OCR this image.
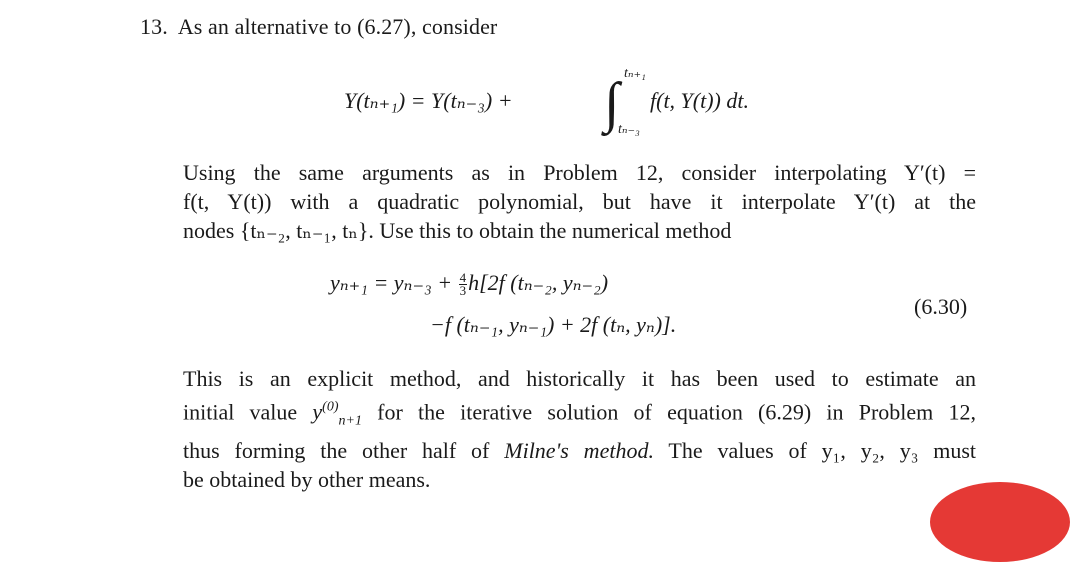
13. As an alternative to (6.27), consider
Y(tₙ₊₁) = Y(tₙ₋₃) + ∫ tₙ₊₁
tₙ₋₃
f(t, Y(t)) dt.
Using the same arguments as in Problem 12, consider interpolating Y′(t) =
f(t, Y(t)) with a quadratic polynomial, but have it interpolate Y′(t) at the
nodes {tₙ₋₂, tₙ₋₁, tₙ}. Use this to obtain the numerical method
$y_{n+1} = y_{n-3} + \frac{4}{3} h[2f$ (tₙ₋₂, yₙ₋₂)
−f (tₙ₋₁, yₙ₋₁) + 2f (tₙ, yₙ)].
(6.30)
This is an explicit method, and historically it has been used to estimate an
initial value $y^{(0)}_{n+1}$ for the iterative solution of equation (6.29) in Problem 12,
thus forming the other half of Milne's method. The values of y₁, y₂, y₃ must
be obtained by other means.
